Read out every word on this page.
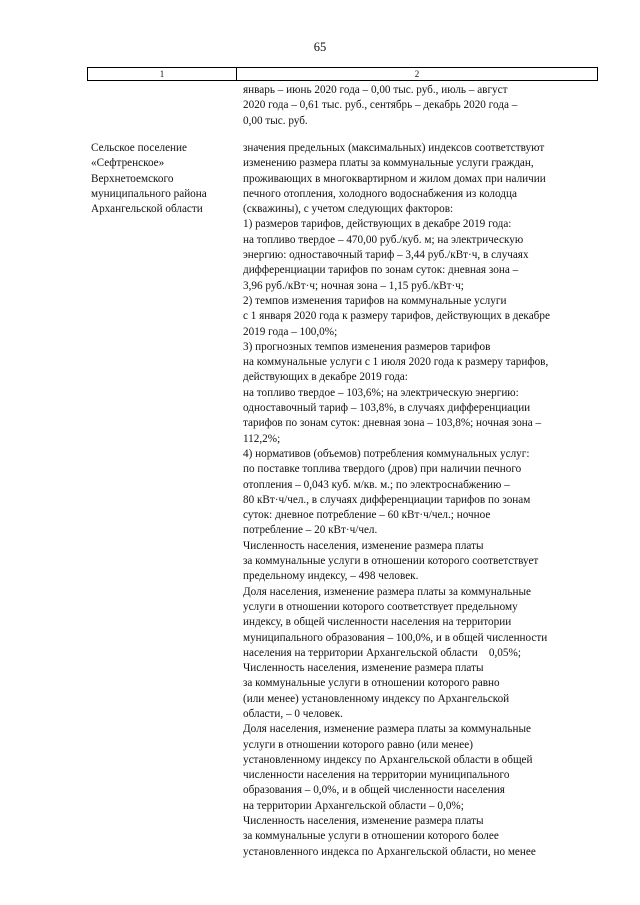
65
1	2
январь – июнь 2020 года – 0,00 тыс. руб., июль – август
2020 года – 0,61 тыс. руб., сентябрь – декабрь 2020 года –
0,00 тыс. руб.
Сельское поселение
«Сефтренское»
Верхнетоемского
муниципального района
Архангельской области
значения предельных (максимальных) индексов соответствуют
изменению размера платы за коммунальные услуги граждан,
проживающих в многоквартирном и жилом домах при наличии
печного отопления, холодного водоснабжения из колодца
(скважины), с учетом следующих факторов:
1) размеров тарифов, действующих в декабре 2019 года:
на топливо твердое – 470,00 руб./куб. м; на электрическую
энергию: одноставочный тариф – 3,44 руб./кВт·ч, в случаях
дифференциации тарифов по зонам суток: дневная зона –
3,96 руб./кВт·ч; ночная зона – 1,15 руб./кВт·ч;
2) темпов изменения тарифов на коммунальные услуги
с 1 января 2020 года к размеру тарифов, действующих в декабре
2019 года – 100,0%;
3) прогнозных темпов изменения размеров тарифов
на коммунальные услуги с 1 июля 2020 года к размеру тарифов,
действующих в декабре 2019 года:
на топливо твердое – 103,6%; на электрическую энергию:
одноставочный тариф – 103,8%, в случаях дифференциации
тарифов по зонам суток: дневная зона – 103,8%; ночная зона –
112,2%;
4) нормативов (объемов) потребления коммунальных услуг:
по поставке топлива твердого (дров) при наличии печного
отопления – 0,043 куб. м/кв. м.; по электроснабжению –
80 кВт·ч/чел., в случаях дифференциации тарифов по зонам
суток: дневное потребление – 60 кВт·ч/чел.; ночное
потребление – 20 кВт·ч/чел.
Численность населения, изменение размера платы
за коммунальные услуги в отношении которого соответствует
предельному индексу, – 498 человек.
Доля населения, изменение размера платы за коммунальные
услуги в отношении которого соответствует предельному
индексу, в общей численности населения на территории
муниципального образования – 100,0%, и в общей численности
населения на территории Архангельской области    0,05%;
Численность населения, изменение размера платы
за коммунальные услуги в отношении которого равно
(или менее) установленному индексу по Архангельской
области, – 0 человек.
Доля населения, изменение размера платы за коммунальные
услуги в отношении которого равно (или менее)
установленному индексу по Архангельской области в общей
численности населения на территории муниципального
образования – 0,0%, и в общей численности населения
на территории Архангельской области – 0,0%;
Численность населения, изменение размера платы
за коммунальные услуги в отношении которого более
установленного индекса по Архангельской области, но менее
